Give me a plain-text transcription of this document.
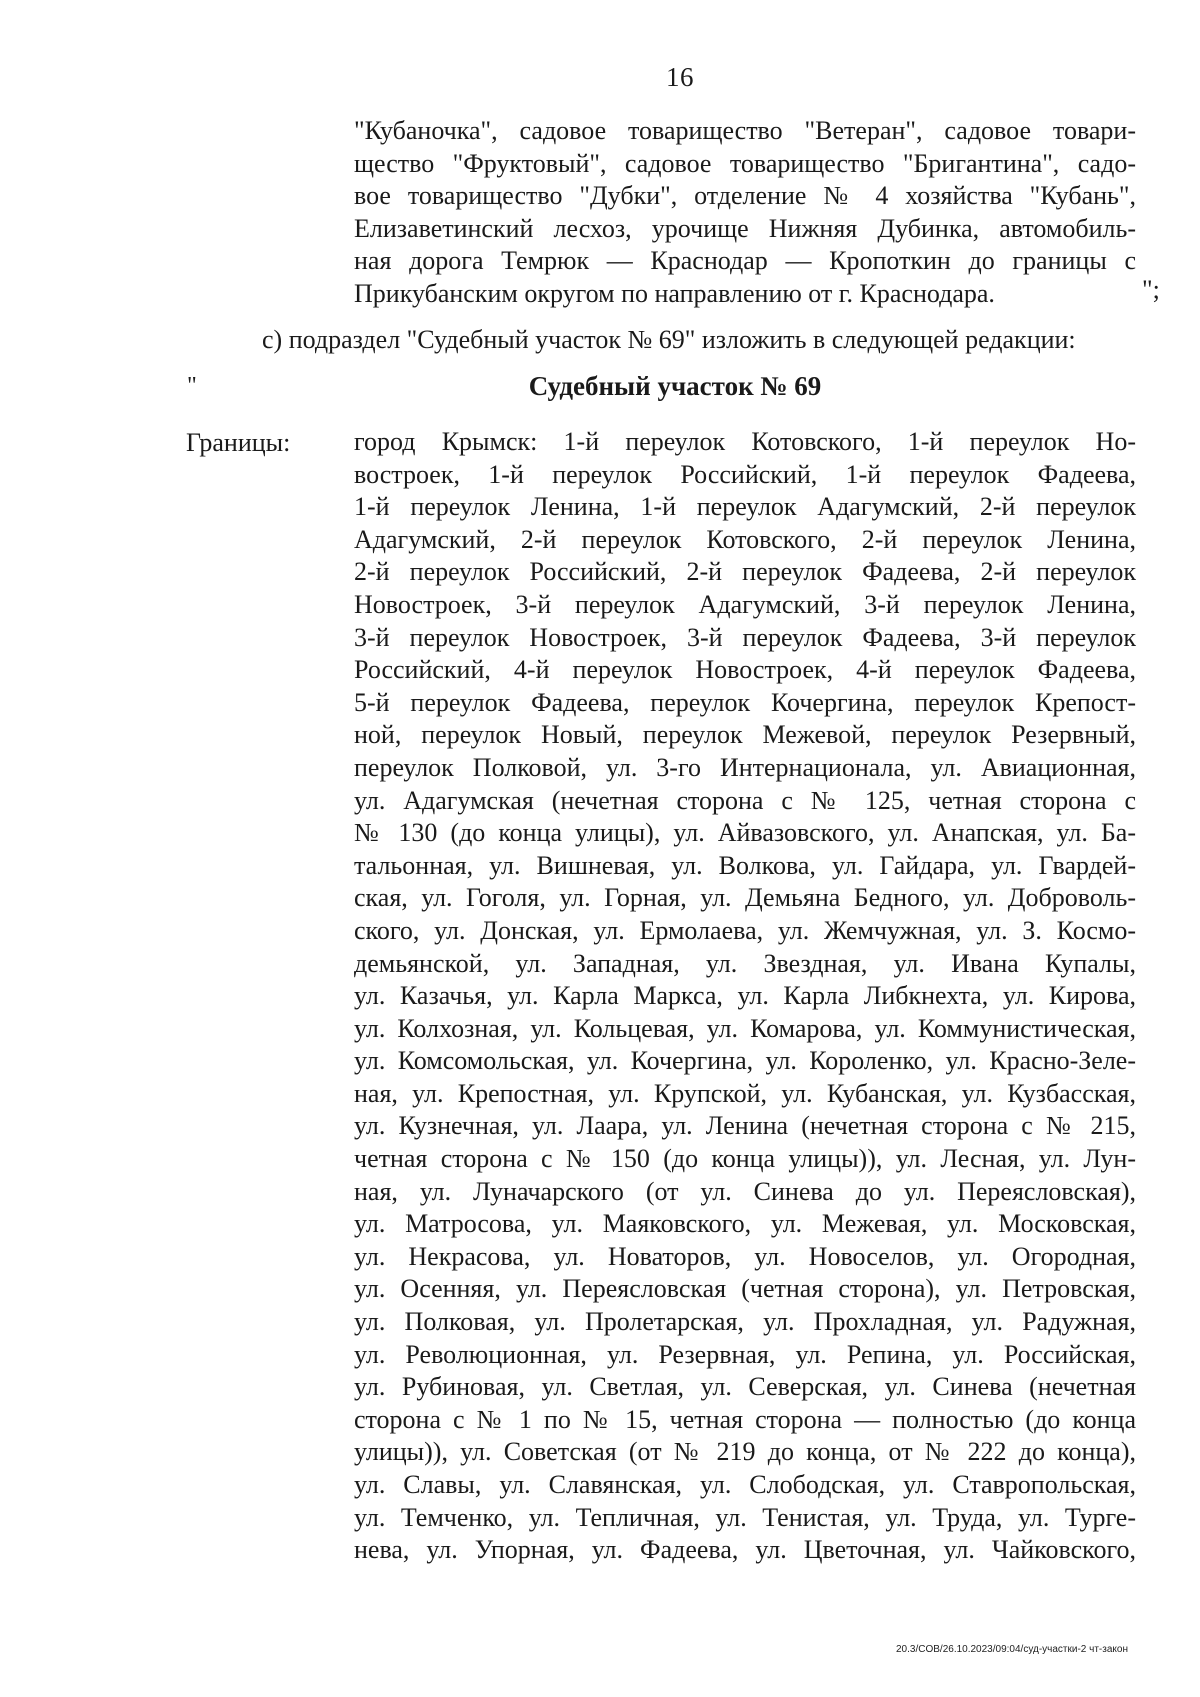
16
"Кубаночка", садовое товарищество "Ветеран", садовое товари-
щество "Фруктовый", садовое товарищество "Бригантина", садо-
вое товарищество "Дубки", отделение № 4 хозяйства "Кубань",
Елизаветинский лесхоз, урочище Нижняя Дубинка, автомобиль-
ная дорога Темрюк — Краснодар — Кропоткин до границы с
Прикубанским округом по направлению от г. Краснодара.	";
с) подраздел "Судебный участок № 69" изложить в следующей редакции:
"	Судебный участок № 69
Границы: город Крымск: 1-й переулок Котовского, 1-й переулок Но-
востроек, 1-й переулок Российский, 1-й переулок Фадеева,
1-й переулок Ленина, 1-й переулок Адагумский, 2-й переулок
Адагумский, 2-й переулок Котовского, 2-й переулок Ленина,
2-й переулок Российский, 2-й переулок Фадеева, 2-й переулок
Новостроек, 3-й переулок Адагумский, 3-й переулок Ленина,
3-й переулок Новостроек, 3-й переулок Фадеева, 3-й переулок
Российский, 4-й переулок Новостроек, 4-й переулок Фадеева,
5-й переулок Фадеева, переулок Кочергина, переулок Крепост-
ной, переулок Новый, переулок Межевой, переулок Резервный,
переулок Полковой, ул. 3-го Интернационала, ул. Авиационная,
ул. Адагумская (нечетная сторона с № 125, четная сторона с
№ 130 (до конца улицы), ул. Айвазовского, ул. Анапская, ул. Ба-
тальонная, ул. Вишневая, ул. Волкова, ул. Гайдара, ул. Гвардей-
ская, ул. Гоголя, ул. Горная, ул. Демьяна Бедного, ул. Доброволь-
ского, ул. Донская, ул. Ермолаева, ул. Жемчужная, ул. З. Космо-
демьянской, ул. Западная, ул. Звездная, ул. Ивана Купалы,
ул. Казачья, ул. Карла Маркса, ул. Карла Либкнехта, ул. Кирова,
ул. Колхозная, ул. Кольцевая, ул. Комарова, ул. Коммунистическая,
ул. Комсомольская, ул. Кочергина, ул. Короленко, ул. Красно-Зеле-
ная, ул. Крепостная, ул. Крупской, ул. Кубанская, ул. Кузбасская,
ул. Кузнечная, ул. Лаара, ул. Ленина (нечетная сторона с № 215,
четная сторона с № 150 (до конца улицы)), ул. Лесная, ул. Лун-
ная, ул. Луначарского (от ул. Синева до ул. Переясловская),
ул. Матросова, ул. Маяковского, ул. Межевая, ул. Московская,
ул. Некрасова, ул. Новаторов, ул. Новоселов, ул. Огородная,
ул. Осенняя, ул. Переясловская (четная сторона), ул. Петровская,
ул. Полковая, ул. Пролетарская, ул. Прохладная, ул. Радужная,
ул. Революционная, ул. Резервная, ул. Репина, ул. Российская,
ул. Рубиновая, ул. Светлая, ул. Северская, ул. Синева (нечетная
сторона с № 1 по № 15, четная сторона — полностью (до конца
улицы)), ул. Советская (от № 219 до конца, от № 222 до конца),
ул. Славы, ул. Славянская, ул. Слободская, ул. Ставропольская,
ул. Темченко, ул. Тепличная, ул. Тенистая, ул. Труда, ул. Турге-
нева, ул. Упорная, ул. Фадеева, ул. Цветочная, ул. Чайковского,
20.3/COB/26.10.2023/09:04/суд-участки-2 чт-закон
